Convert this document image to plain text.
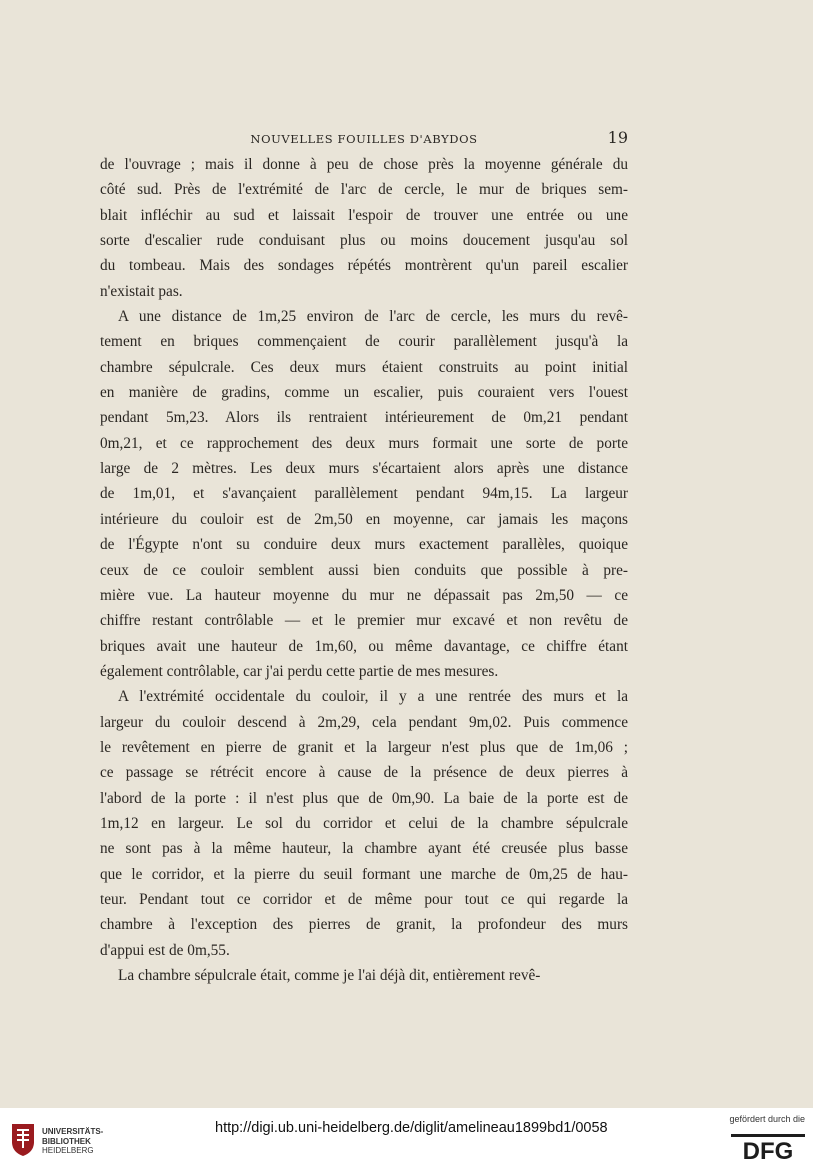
NOUVELLES FOUILLES D'ABYDOS	19
de l'ouvrage ; mais il donne à peu de chose près la moyenne générale du
côté sud. Près de l'extrémité de l'arc de cercle, le mur de briques sem-
blait infléchir au sud et laissait l'espoir de trouver une entrée ou une
sorte d'escalier rude conduisant plus ou moins doucement jusqu'au sol
du tombeau. Mais des sondages répétés montrèrent qu'un pareil escalier
n'existait pas.
A une distance de 1m,25 environ de l'arc de cercle, les murs du revê-
tement en briques commençaient de courir parallèlement jusqu'à la
chambre sépulcrale. Ces deux murs étaient construits au point initial
en manière de gradins, comme un escalier, puis couraient vers l'ouest
pendant 5m,23. Alors ils rentraient intérieurement de 0m,21 pendant
0m,21, et ce rapprochement des deux murs formait une sorte de porte
large de 2 mètres. Les deux murs s'écartaient alors après une distance
de 1m,01, et s'avançaient parallèlement pendant 94m,15. La largeur
intérieure du couloir est de 2m,50 en moyenne, car jamais les maçons
de l'Égypte n'ont su conduire deux murs exactement parallèles, quoique
ceux de ce couloir semblent aussi bien conduits que possible à pre-
mière vue. La hauteur moyenne du mur ne dépassait pas 2m,50 — ce
chiffre restant contrôlable — et le premier mur excavé et non revêtu de
briques avait une hauteur de 1m,60, ou même davantage, ce chiffre étant
également contrôlable, car j'ai perdu cette partie de mes mesures.
A l'extrémité occidentale du couloir, il y a une rentrée des murs et la
largeur du couloir descend à 2m,29, cela pendant 9m,02. Puis commence
le revêtement en pierre de granit et la largeur n'est plus que de 1m,06 ;
ce passage se rétrécit encore à cause de la présence de deux pierres à
l'abord de la porte : il n'est plus que de 0m,90. La baie de la porte est de
1m,12 en largeur. Le sol du corridor et celui de la chambre sépulcrale
ne sont pas à la même hauteur, la chambre ayant été creusée plus basse
que le corridor, et la pierre du seuil formant une marche de 0m,25 de hau-
teur. Pendant tout ce corridor et de même pour tout ce qui regarde la
chambre à l'exception des pierres de granit, la profondeur des murs
d'appui est de 0m,55.
La chambre sépulcrale était, comme je l'ai déjà dit, entièrement revê-
UNIVERSITÄTS-
BIBLIOTHEK
HEIDELBERG
http://digi.ub.uni-heidelberg.de/diglit/amelineau1899bd1/0058
gefördert durch die
DFG
